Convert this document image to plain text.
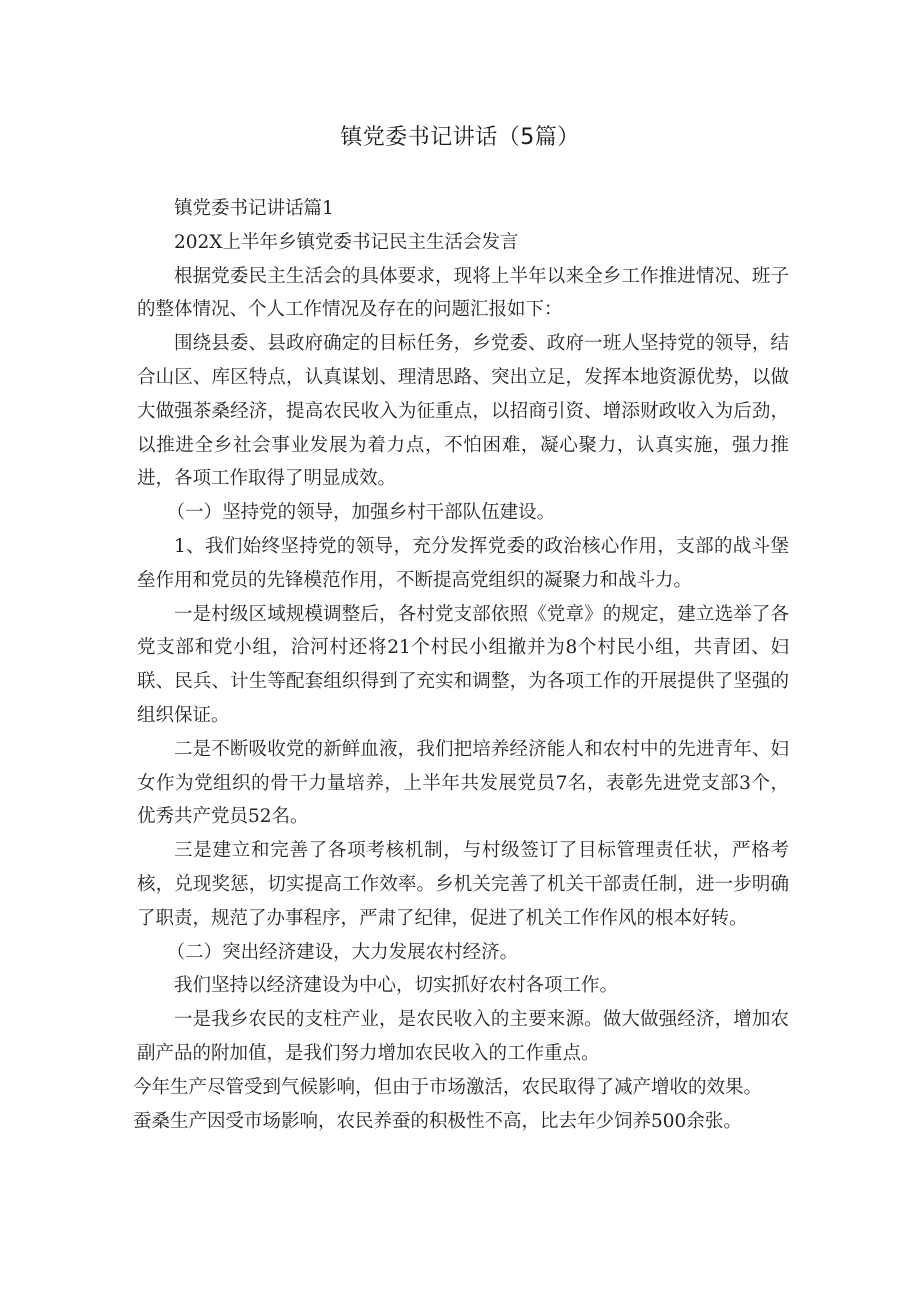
镇党委书记讲话（5篇）

镇党委书记讲话篇1

202X上半年乡镇党委书记民主生活会发言

根据党委民主生活会的具体要求，现将上半年以来全乡工作推进情况、班子的整体情况、个人工作情况及存在的问题汇报如下：

围绕县委、县政府确定的目标任务，乡党委、政府一班人坚持党的领导，结合山区、库区特点，认真谋划、理清思路、突出立足，发挥本地资源优势，以做大做强茶桑经济，提高农民收入为征重点，以招商引资、增添财政收入为后劲，以推进全乡社会事业发展为着力点，不怕困难，凝心聚力，认真实施，强力推进，各项工作取得了明显成效。

（一）坚持党的领导，加强乡村干部队伍建设。

1、我们始终坚持党的领导，充分发挥党委的政治核心作用，支部的战斗堡垒作用和党员的先锋模范作用，不断提高党组织的凝聚力和战斗力。

一是村级区域规模调整后，各村党支部依照《党章》的规定，建立选举了各党支部和党小组，洽河村还将21个村民小组撤并为8个村民小组，共青团、妇联、民兵、计生等配套组织得到了充实和调整，为各项工作的开展提供了坚强的组织保证。

二是不断吸收党的新鲜血液，我们把培养经济能人和农村中的先进青年、妇女作为党组织的骨干力量培养，上半年共发展党员7名，表彰先进党支部3个，优秀共产党员52名。

三是建立和完善了各项考核机制，与村级签订了目标管理责任状，严格考核，兑现奖惩，切实提高工作效率。乡机关完善了机关干部责任制，进一步明确了职责，规范了办事程序，严肃了纪律，促进了机关工作作风的根本好转。

（二）突出经济建设，大力发展农村经济。

我们坚持以经济建设为中心，切实抓好农村各项工作。

一是我乡农民的支柱产业，是农民收入的主要来源。做大做强经济，增加农副产品的附加值，是我们努力增加农民收入的工作重点。

今年生产尽管受到气候影响，但由于市场激活，农民取得了减产增收的效果。

蚕桑生产因受市场影响，农民养蚕的积极性不高，比去年少饲养500余张。
